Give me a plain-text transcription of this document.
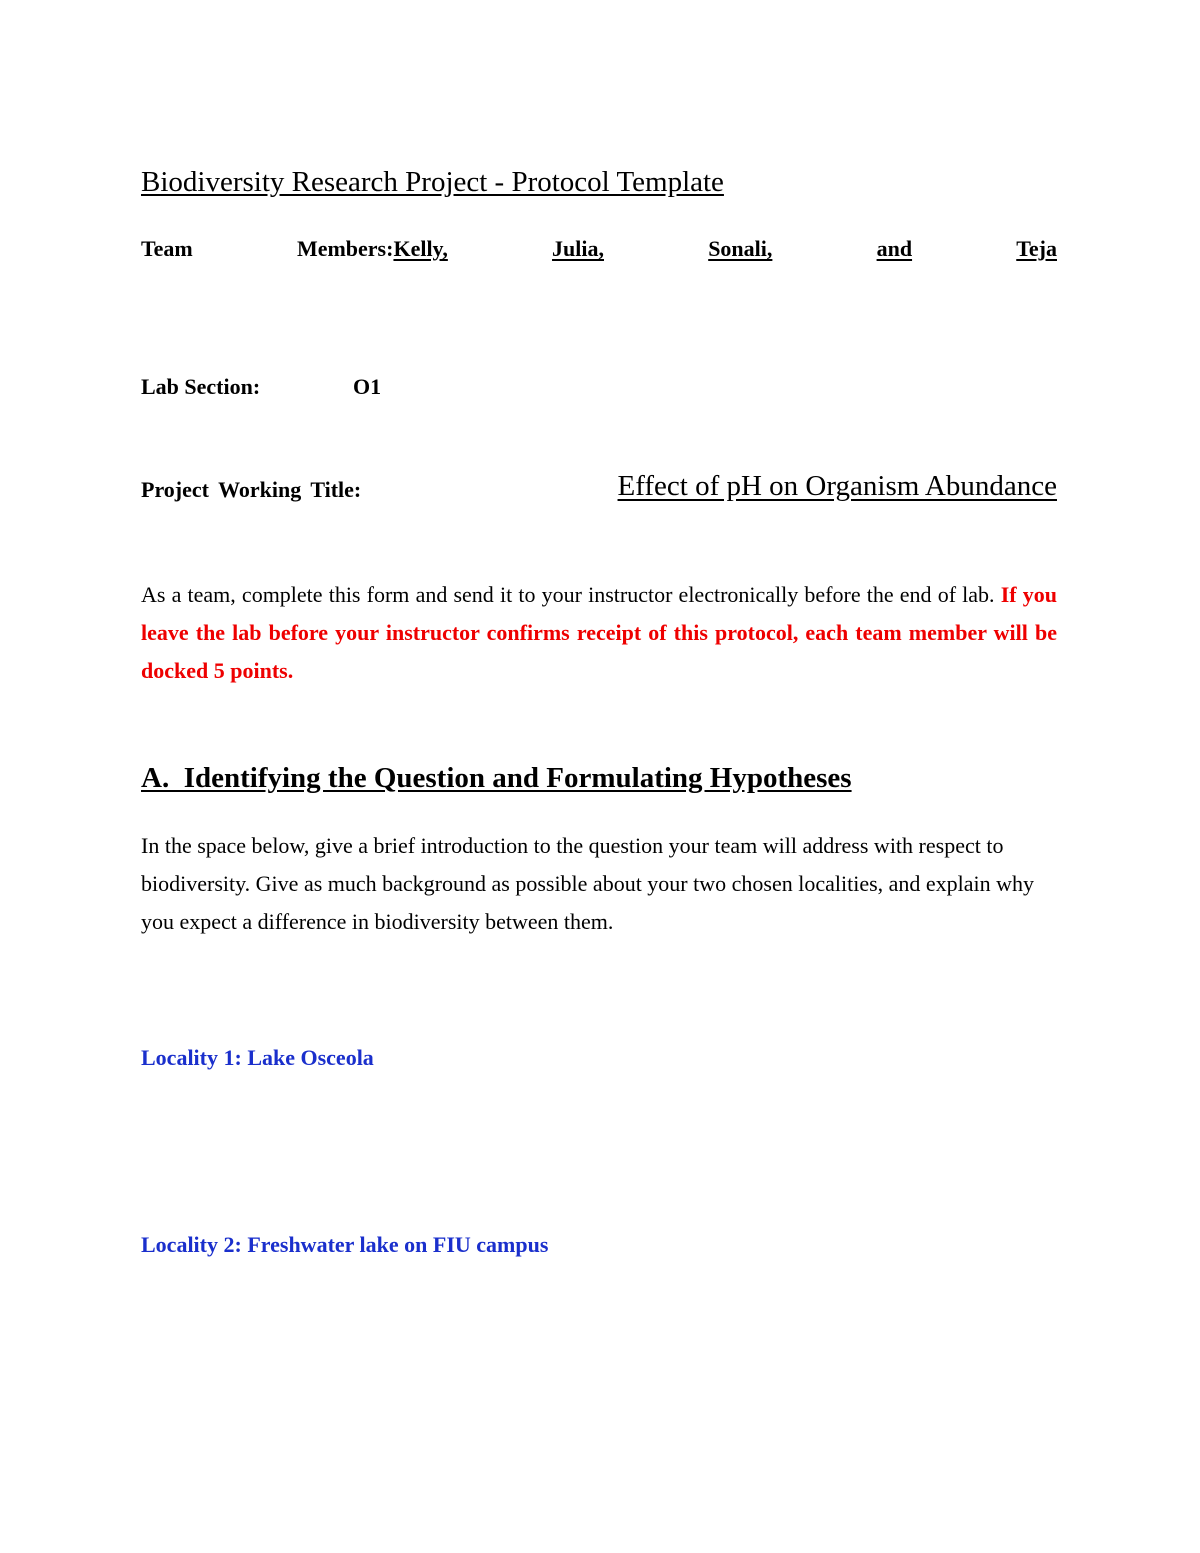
Biodiversity Research Project - Protocol Template
Team	Members: Kelly,	Julia,	Sonali,	and	Teja
Lab Section:	O1
Project Working Title:	Effect of pH on Organism Abundance
As a team, complete this form and send it to your instructor electronically before the end of lab. If you leave the lab before your instructor confirms receipt of this protocol, each team member will be docked 5 points.
A.  Identifying the Question and Formulating Hypotheses
In the space below, give a brief introduction to the question your team will address with respect to biodiversity. Give as much background as possible about your two chosen localities, and explain why you expect a difference in biodiversity between them.
Locality 1: Lake Osceola
Locality 2: Freshwater lake on FIU campus
